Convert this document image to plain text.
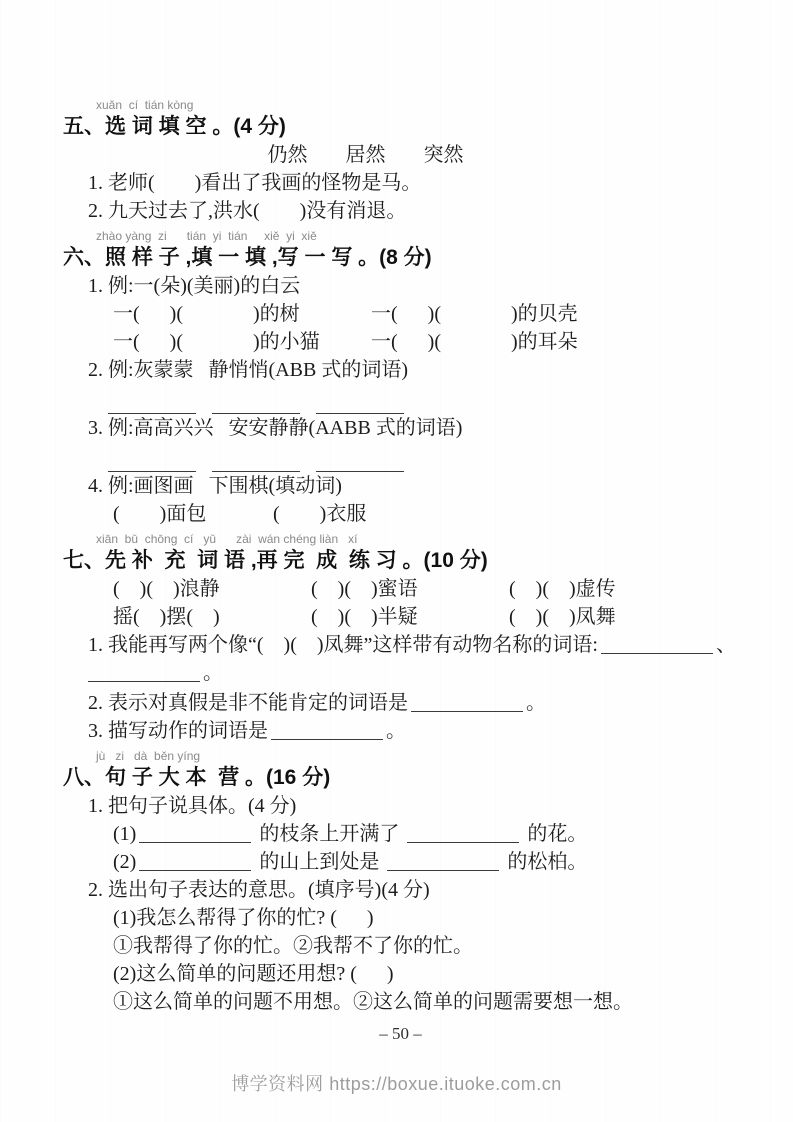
xuǎn  cí  tián kòng
五、选 词 填 空 。(4 分)
仍然 居然 突然
1. 老师(        )看出了我画的怪物是马。
2. 九天过去了,洪水(        )没有消退。
zhào yàng  zi      tián  yi  tián     xiě  yi  xiě
六、照 样 子 ,填 一 填 ,写 一 写 。(8 分)
1. 例:一(朵)(美丽)的白云
一(      )(              )的树	一(      )(              )的贝壳
一(      )(              )的小猫	一(      )(              )的耳朵
2. 例:灰蒙蒙   静悄悄(ABB 式的词语)
3. 例:高高兴兴   安安静静(AABB 式的词语)
4. 例:画图画   下围棋(填动词)
(        )面包	(        )衣服
xiān  bǔ  chōng  cí   yǔ      zài  wán chéng liàn   xí
七、先 补  充  词 语 ,再 完  成  练 习 。(10 分)
(    )(    )浪静	(    )(    )蜜语	(    )(    )虚传
摇(    )摆(    )	(    )(    )半疑	(    )(    )凤舞
1. 我能再写两个像“(    )(    )凤舞”这样带有动物名称的词语:	、
。
2. 表示对真假是非不能肯定的词语是	。
3. 描写动作的词语是	。
jù   zi   dà  běn yíng
八、句 子 大 本  营 。(16 分)
1. 把句子说具体。(4 分)
(1)	的枝条上开满了	的花。
(2)	的山上到处是	的松柏。
2. 选出句子表达的意思。(填序号)(4 分)
(1)我怎么帮得了你的忙? (      )
①我帮得了你的忙。②我帮不了你的忙。
(2)这么简单的问题还用想? (      )
①这么简单的问题不用想。②这么简单的问题需要想一想。
– 50 –
博学资料网 https://boxue.ituoke.com.cn
